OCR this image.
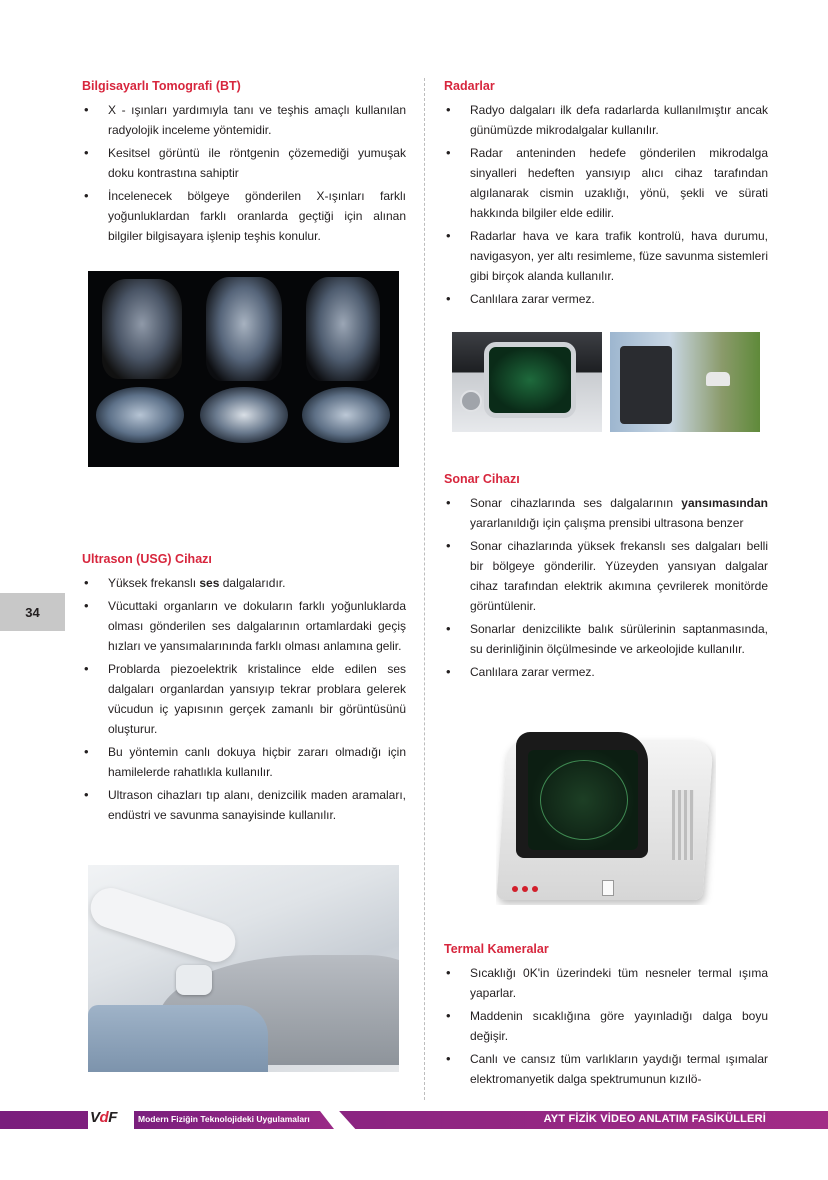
Bilgisayarlı Tomografi (BT)
• X - ışınları yardımıyla tanı ve teşhis amaçlı kullanılan radyolojik inceleme yöntemidir.
• Kesitsel görüntü ile röntgenin çözemediği yumuşak doku kontrastına sahiptir
• İncelenecek bölgeye gönderilen X-ışınları farklı yoğunluklardan farklı oranlarda geçtiği için alınan bilgiler bilgisayara işlenip teşhis konulur.
Ultrason (USG) Cihazı
• Yüksek frekanslı ses dalgalarıdır.
• Vücuttaki organların ve dokuların farklı yoğunluklarda olması gönderilen ses dalgalarının ortamlardaki geçiş hızları ve yansımalarınında farklı olması anlamına gelir.
• Problarda piezoelektrik kristalince elde edilen ses dalgaları organlardan yansıyıp tekrar problara gelerek vücudun iç yapısının gerçek zamanlı bir görüntüsünü oluşturur.
• Bu yöntemin canlı dokuya hiçbir zararı olmadığı için hamilelerde rahatlıkla kullanılır.
• Ultrason cihazları tıp alanı, denizcilik maden aramaları, endüstri ve savunma sanayisinde kullanılır.
Radarlar
• Radyo dalgaları ilk defa radarlarda kullanılmıştır ancak günümüzde mikrodalgalar kullanılır.
• Radar anteninden hedefe gönderilen mikrodalga sinyalleri hedeften yansıyıp alıcı cihaz tarafından algılanarak cismin uzaklığı, yönü, şekli ve sürati hakkında bilgiler elde edilir.
• Radarlar hava ve kara trafik kontrolü, hava durumu, navigasyon, yer altı resimleme, füze savunma sistemleri gibi birçok alanda kullanılır.
• Canlılara zarar vermez.
Sonar Cihazı
• Sonar cihazlarında ses dalgalarının yansımasından yararlanıldığı için çalışma prensibi ultrasona benzer
• Sonar cihazlarında yüksek frekanslı ses dalgaları belli bir bölgeye gönderilir. Yüzeyden yansıyan dalgalar cihaz tarafından elektrik akımına çevrilerek monitörde görüntülenir.
• Sonarlar denizcilikte balık sürülerinin saptanmasında, su derinliğinin ölçülmesinde ve arkeolojide kullanılır.
• Canlılara zarar vermez.
Termal Kameralar
• Sıcaklığı 0K'in üzerindeki tüm nesneler termal ışıma yaparlar.
• Maddenin sıcaklığına göre yayınladığı dalga boyu değişir.
• Canlı ve cansız tüm varlıkların yaydığı termal ışımalar elektromanyetik dalga spektrumunun kızılö-
34
VdF Modern Fiziğin Teknolojideki Uygulamaları	AYT FİZİK VİDEO ANLATIM FASİKÜLLERİ
